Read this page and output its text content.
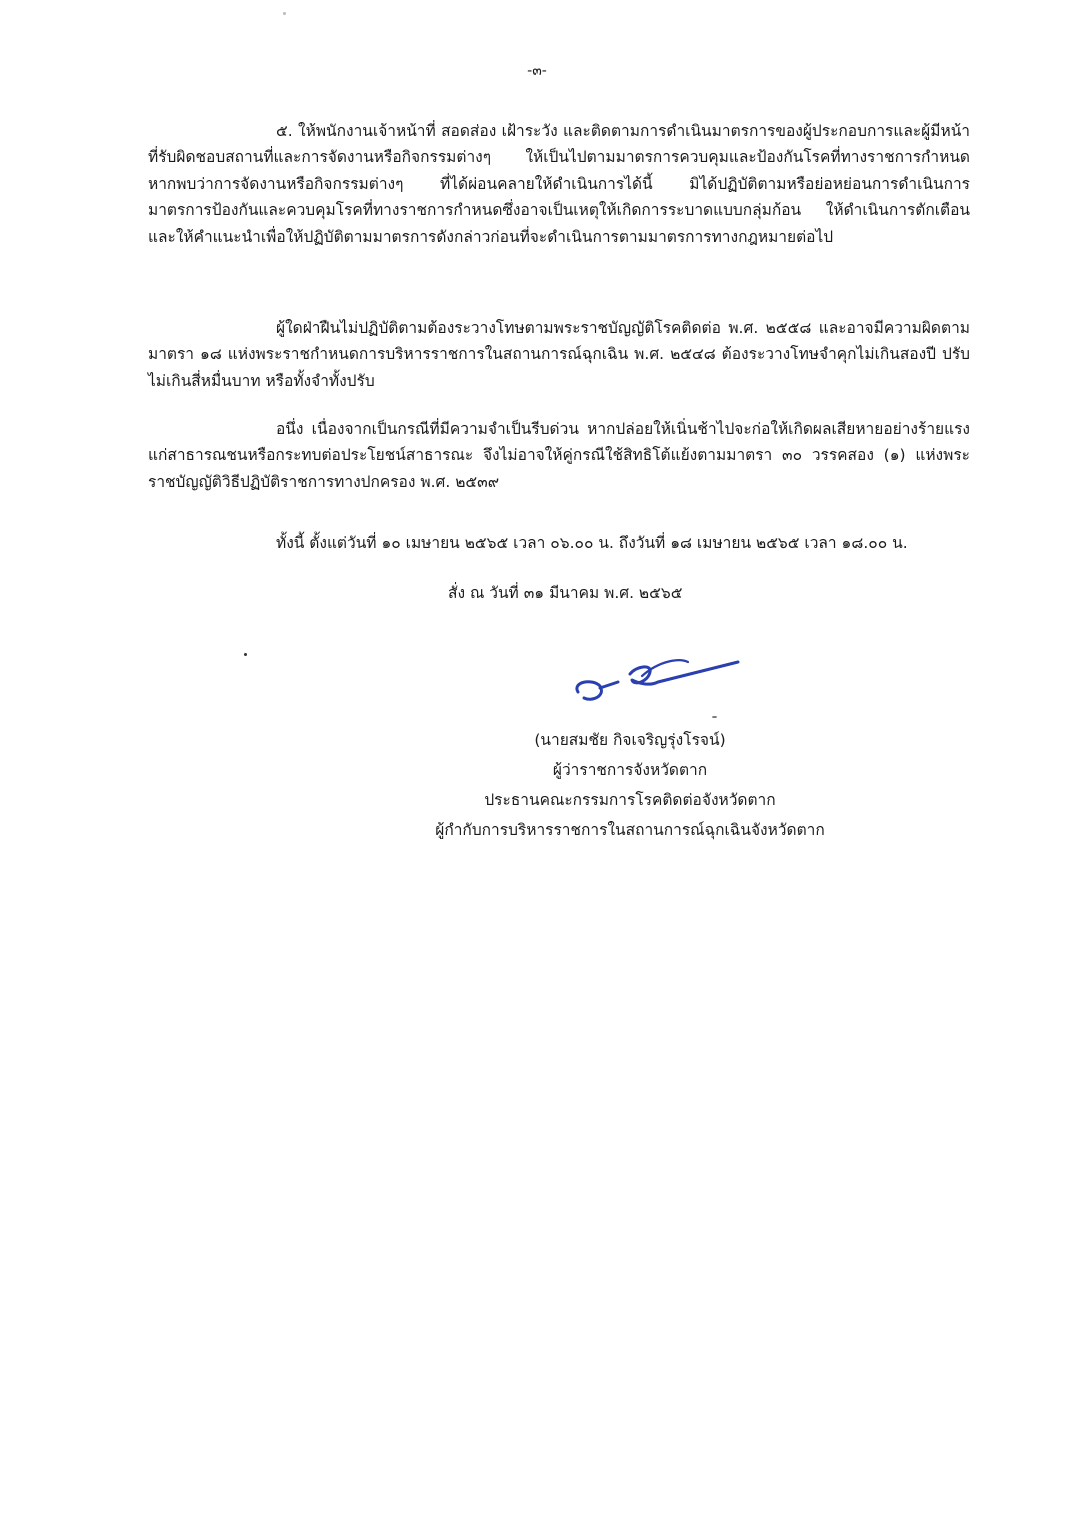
-๓-
๕. ให้พนักงานเจ้าหน้าที่ สอดส่อง เฝ้าระวัง และติดตามการดำเนินมาตรการของผู้ประกอบการและผู้มีหน้าที่รับผิดชอบสถานที่และการจัดงานหรือกิจกรรมต่างๆ ให้เป็นไปตามมาตรการควบคุมและป้องกันโรคที่ทางราชการกำหนด หากพบว่าการจัดงานหรือกิจกรรมต่างๆ ที่ได้ผ่อนคลายให้ดำเนินการได้นี้ มิได้ปฏิบัติตามหรือย่อหย่อนการดำเนินการมาตรการป้องกันและควบคุมโรคที่ทางราชการกำหนดซึ่งอาจเป็นเหตุให้เกิดการระบาดแบบกลุ่มก้อน ให้ดำเนินการตักเตือนและให้คำแนะนำเพื่อให้ปฏิบัติตามมาตรการดังกล่าวก่อนที่จะดำเนินการตามมาตรการทางกฎหมายต่อไป
ผู้ใดฝ่าฝืนไม่ปฏิบัติตามต้องระวางโทษตามพระราชบัญญัติโรคติดต่อ พ.ศ. ๒๕๕๘ และอาจมีความผิดตามมาตรา ๑๘ แห่งพระราชกำหนดการบริหารราชการในสถานการณ์ฉุกเฉิน พ.ศ. ๒๕๔๘ ต้องระวางโทษจำคุกไม่เกินสองปี ปรับไม่เกินสี่หมื่นบาท หรือทั้งจำทั้งปรับ
อนึ่ง เนื่องจากเป็นกรณีที่มีความจำเป็นรีบด่วน หากปล่อยให้เนิ่นช้าไปจะก่อให้เกิดผลเสียหายอย่างร้ายแรงแก่สาธารณชนหรือกระทบต่อประโยชน์สาธารณะ จึงไม่อาจให้คู่กรณีใช้สิทธิโต้แย้งตามมาตรา ๓๐ วรรคสอง (๑) แห่งพระราชบัญญัติวิธีปฏิบัติราชการทางปกครอง พ.ศ. ๒๕๓๙
ทั้งนี้ ตั้งแต่วันที่ ๑๐ เมษายน ๒๕๖๕ เวลา ๐๖.๐๐ น. ถึงวันที่ ๑๘ เมษายน ๒๕๖๕ เวลา ๑๘.๐๐ น.
สั่ง ณ วันที่ ๓๑ มีนาคม พ.ศ. ๒๕๖๕
(นายสมชัย กิจเจริญรุ่งโรจน์)
ผู้ว่าราชการจังหวัดตาก
ประธานคณะกรรมการโรคติดต่อจังหวัดตาก
ผู้กำกับการบริหารราชการในสถานการณ์ฉุกเฉินจังหวัดตาก
